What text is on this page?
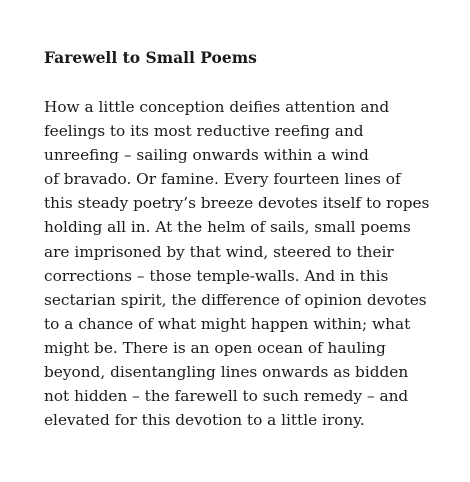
Farewell to Small Poems
How a little conception deifies attention and
feelings to its most reductive reefing and
unreefing – sailing onwards within a wind
of bravado. Or famine. Every fourteen lines of
this steady poetry’s breeze devotes itself to ropes
holding all in. At the helm of sails, small poems
are imprisoned by that wind, steered to their
corrections – those temple-walls. And in this
sectarian spirit, the difference of opinion devotes
to a chance of what might happen within; what
might be. There is an open ocean of hauling
beyond, disentangling lines onwards as bidden
not hidden – the farewell to such remedy – and
elevated for this devotion to a little irony.
